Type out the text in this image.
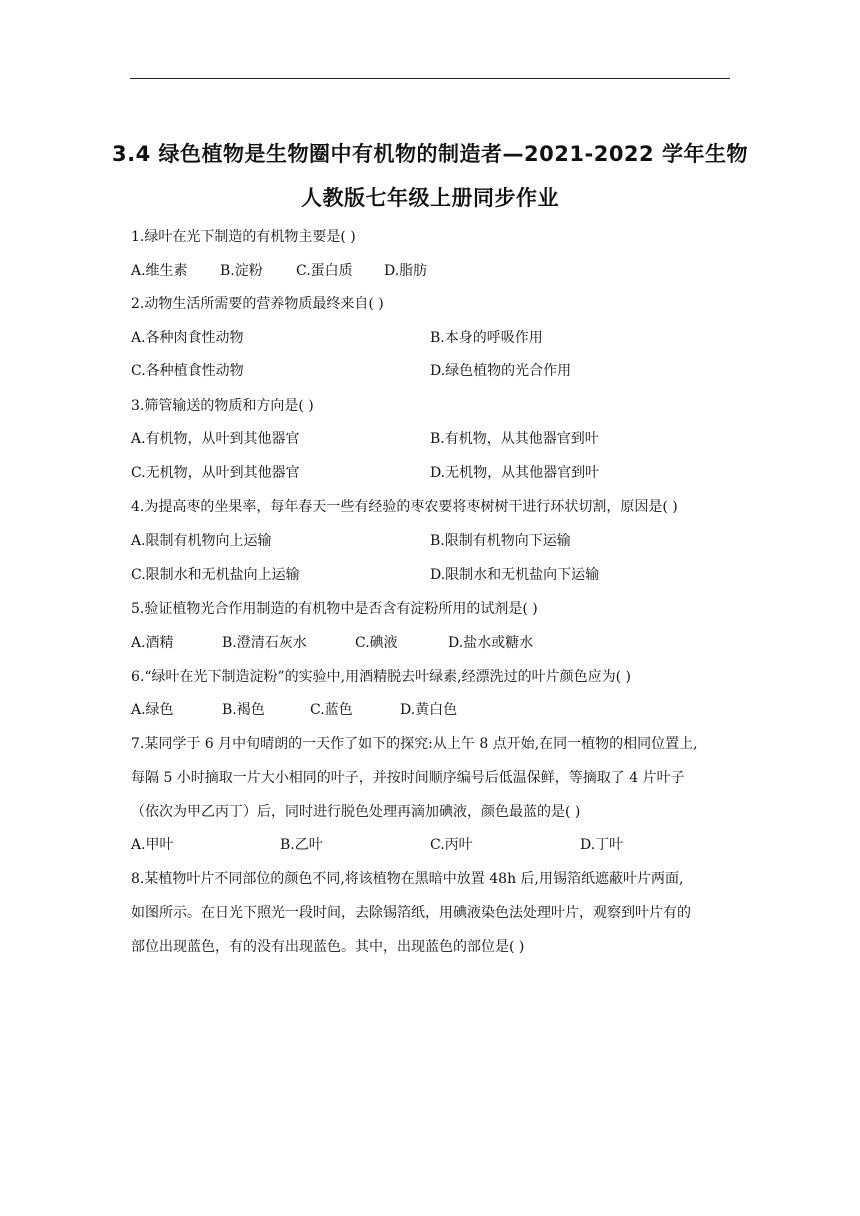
3.4 绿色植物是生物圈中有机物的制造者—2021-2022 学年生物
人教版七年级上册同步作业
1.绿叶在光下制造的有机物主要是( )
A.维生素 B.淀粉 C.蛋白质 D.脂肪
2.动物生活所需要的营养物质最终来自( )
A.各种肉食性动物	B.本身的呼吸作用
C.各种植食性动物	D.绿色植物的光合作用
3.筛管输送的物质和方向是( )
A.有机物，从叶到其他器官	B.有机物，从其他器官到叶
C.无机物，从叶到其他器官	D.无机物，从其他器官到叶
4.为提高枣的坐果率，每年春天一些有经验的枣农要将枣树树干进行环状切割，原因是( )
A.限制有机物向上运输	B.限制有机物向下运输
C.限制水和无机盐向上运输	D.限制水和无机盐向下运输
5.验证植物光合作用制造的有机物中是否含有淀粉所用的试剂是( )
A.酒精	B.澄清石灰水	C.碘液	D.盐水或糖水
6.“绿叶在光下制造淀粉”的实验中,用酒精脱去叶绿素,经漂洗过的叶片颜色应为( )
A.绿色	B.褐色	C.蓝色	D.黄白色
7.某同学于 6 月中旬晴朗的一天作了如下的探究:从上午 8 点开始,在同一植物的相同位置上,
每隔 5 小时摘取一片大小相同的叶子，并按时间顺序编号后低温保鲜，等摘取了 4 片叶子
（依次为甲乙丙丁）后，同时进行脱色处理再滴加碘液，颜色最蓝的是( )
A.甲叶	B.乙叶	C.丙叶	D.丁叶
8.某植物叶片不同部位的颜色不同,将该植物在黑暗中放置 48h 后,用锡箔纸遮蔽叶片两面,
如图所示。在日光下照光一段时间，去除锡箔纸，用碘液染色法处理叶片，观察到叶片有的
部位出现蓝色，有的没有出现蓝色。其中，出现蓝色的部位是( )
